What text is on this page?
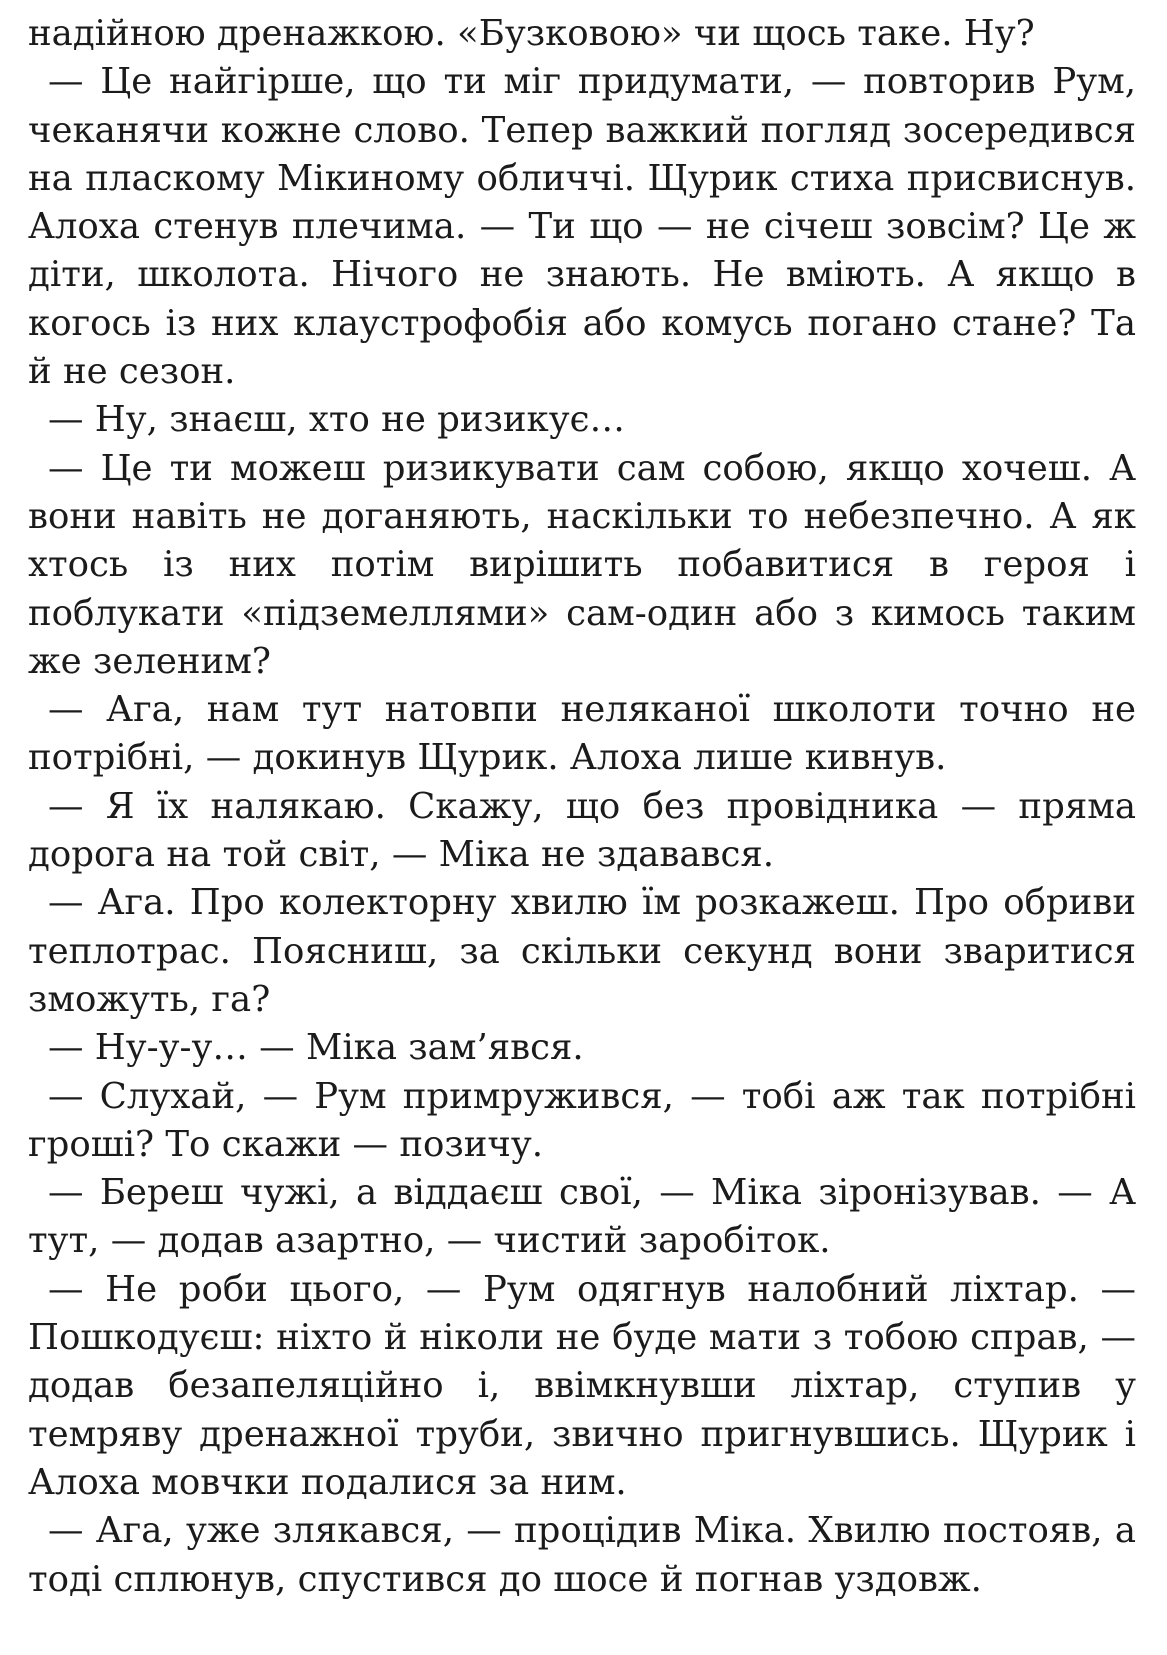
надійною дренажкою. «Бузковою» чи щось таке. Ну?

— Це найгірше, що ти міг придумати, — повторив Рум, чеканячи кожне слово. Тепер важкий погляд зосередився на пласкому Мікиному обличчі. Щурик стиха присвиснув. Алоха стенув плечима. — Ти що — не січеш зовсім? Це ж діти, школота. Нічого не знають. Не вміють. А якщо в когось із них клаустрофобія або комусь погано стане? Та й не сезон.

— Ну, знаєш, хто не ризикує…

— Це ти можеш ризикувати сам собою, якщо хочеш. А вони навіть не доганяють, наскільки то небезпечно. А як хтось із них потім вирішить побавитися в героя і поблукати «підземеллями» сам-один або з кимось таким же зеленим?

— Ага, нам тут натовпи неляканої школоти точно не потрібні, — докинув Щурик. Алоха лише кивнув.

— Я їх налякаю. Скажу, що без провідника — пряма дорога на той світ, — Міка не здавався.

— Ага. Про колекторну хвилю їм розкажеш. Про обриви теплотрас. Поясниш, за скільки секунд вони зваритися зможуть, га?

— Ну-у-у… — Міка зам’явся.

— Слухай, — Рум примружився, — тобі аж так потрібні гроші? То скажи — позичу.

— Береш чужі, а віддаєш свої, — Міка зіронізував. — А тут, — додав азартно, — чистий заробіток.

— Не роби цього, — Рум одягнув налобний ліхтар. — Пошкодуєш: ніхто й ніколи не буде мати з тобою справ, — додав безапеляційно і, ввімкнувши ліхтар, ступив у темряву дренажної труби, звично пригнувшись. Щурик і Алоха мовчки подалися за ним.

— Ага, уже злякався, — процідив Міка. Хвилю постояв, а тоді сплюнув, спустився до шосе й погнав уздовж.
